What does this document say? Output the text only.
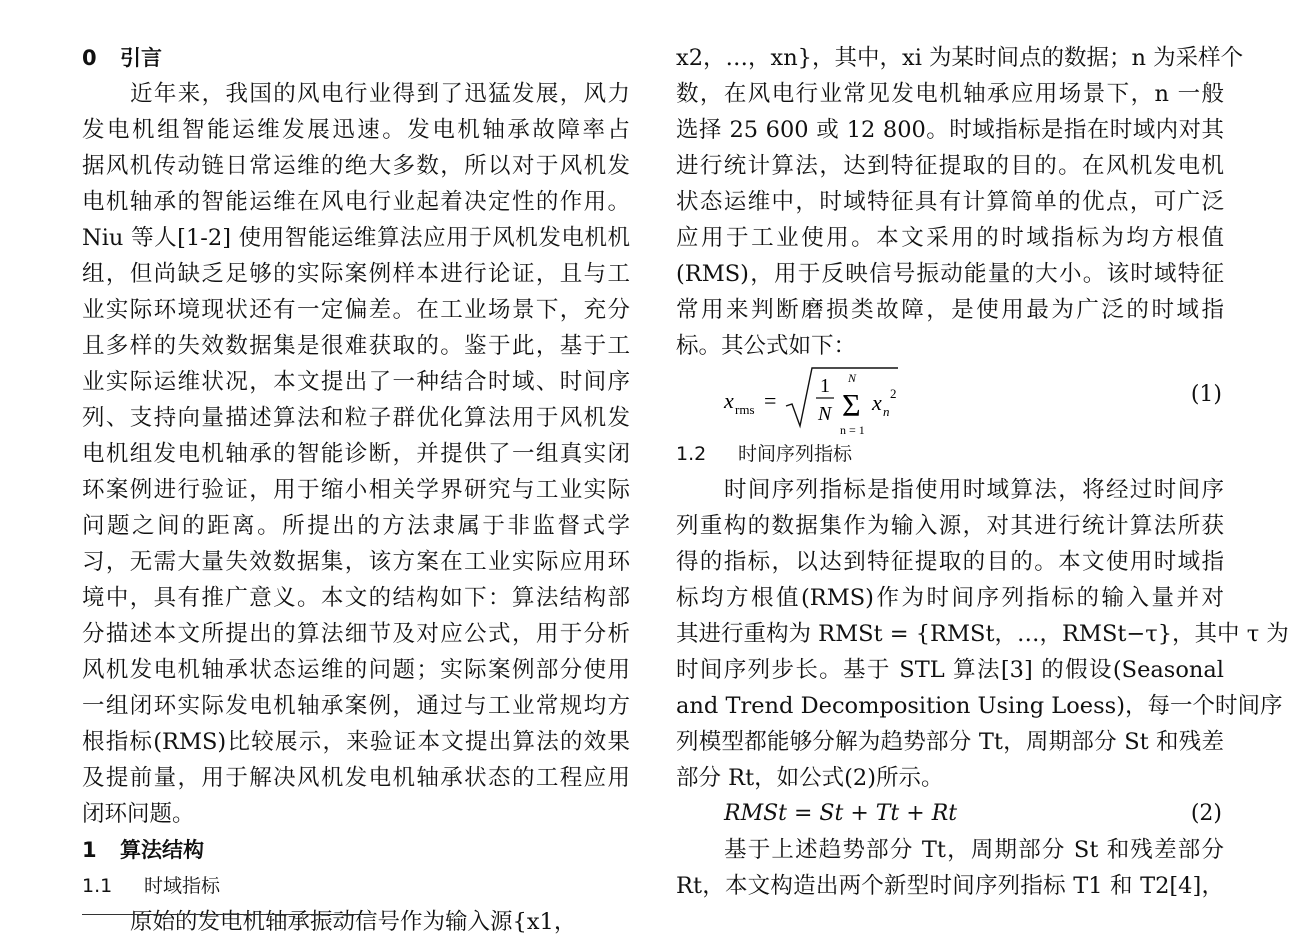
0 引言
近年来，我国的风电行业得到了迅猛发展，风力
发电机组智能运维发展迅速。发电机轴承故障率占
据风机传动链日常运维的绝大多数，所以对于风机发
电机轴承的智能运维在风电行业起着决定性的作用。
Niu 等人[1-2] 使用智能运维算法应用于风机发电机机
组，但尚缺乏足够的实际案例样本进行论证，且与工
业实际环境现状还有一定偏差。在工业场景下，充分
且多样的失效数据集是很难获取的。鉴于此，基于工
业实际运维状况，本文提出了一种结合时域、时间序
列、支持向量描述算法和粒子群优化算法用于风机发
电机组发电机轴承的智能诊断，并提供了一组真实闭
环案例进行验证，用于缩小相关学界研究与工业实际
问题之间的距离。所提出的方法隶属于非监督式学
习，无需大量失效数据集，该方案在工业实际应用环
境中，具有推广意义。本文的结构如下：算法结构部
分描述本文所提出的算法细节及对应公式，用于分析
风机发电机轴承状态运维的问题；实际案例部分使用
一组闭环实际发电机轴承案例，通过与工业常规均方
根指标(RMS)比较展示，来验证本文提出算法的效果
及提前量，用于解决风机发电机轴承状态的工程应用
闭环问题。
1 算法结构
1.1 时域指标
原始的发电机轴承振动信号作为输入源{x1，
x2，…，xn}，其中，xi 为某时间点的数据；n 为采样个
数，在风电行业常见发电机轴承应用场景下，n 一般
选择 25 600 或 12 800。时域指标是指在时域内对其
进行统计算法，达到特征提取的目的。在风机发电机
状态运维中，时域特征具有计算简单的优点，可广泛
应用于工业使用。本文采用的时域指标为均方根值
(RMS)，用于反映信号振动能量的大小。该时域特征
常用来判断磨损类故障，是使用最为广泛的时域指
标。其公式如下：
x rms =
1
N Σ
N
n = 1
x n
2	(1)
1.2 时间序列指标
时间序列指标是指使用时域算法，将经过时间序
列重构的数据集作为输入源，对其进行统计算法所获
得的指标，以达到特征提取的目的。本文使用时域指
标均方根值(RMS)作为时间序列指标的输入量并对
其进行重构为 RMSt = {RMSt，…，RMSt−τ}，其中 τ 为
时间序列步长。基于 STL 算法[3] 的假设(Seasonal
and Trend Decomposition Using Loess)，每一个时间序
列模型都能够分解为趋势部分 Tt，周期部分 St 和残差
部分 Rt，如公式(2)所示。
RMSt = St + Tt + Rt	(2)
基于上述趋势部分 Tt，周期部分 St 和残差部分
Rt，本文构造出两个新型时间序列指标 T1 和 T2[4]，
